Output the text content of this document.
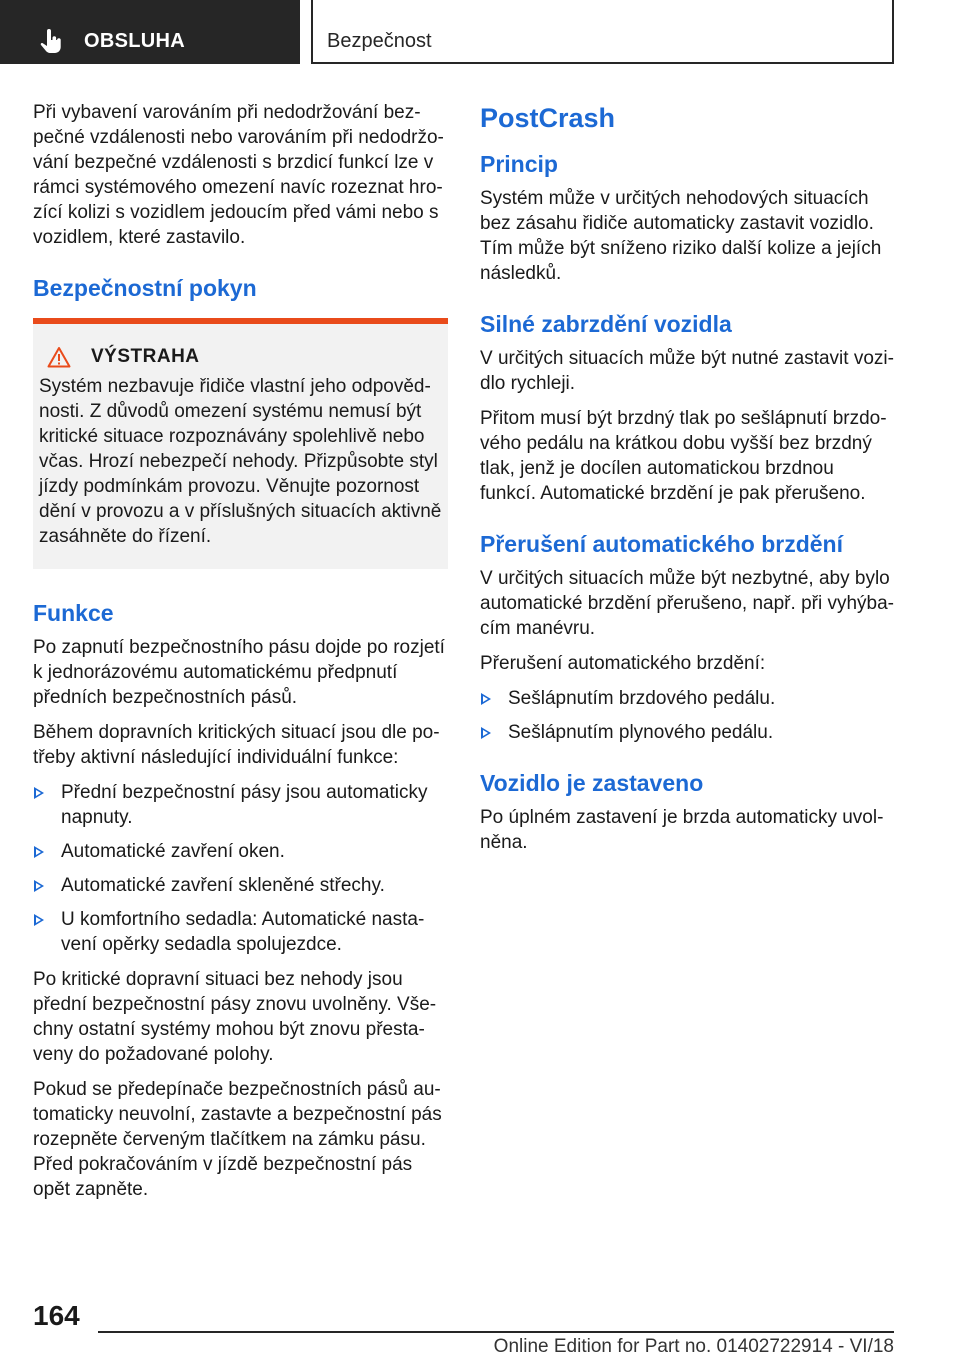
OBSLUHA	Bezpečnost

Při vybavení varováním při nedodržování bezpečné vzdálenosti nebo varováním při nedodržování bezpečné vzdálenosti s brzdicí funkcí lze v rámci systémového omezení navíc rozeznat hrozící kolizi s vozidlem jedoucím před vámi nebo s vozidlem, které zastavilo.

Bezpečnostní pokyn
VÝSTRAHA

Systém nezbavuje řidiče vlastní jeho odpovědnosti. Z důvodů omezení systému nemusí být kritické situace rozpoznávány spolehlivě nebo včas. Hrozí nebezpečí nehody. Přizpůsobte styl jízdy podmínkám provozu. Věnujte pozornost dění v provozu a v příslušných situacích aktivně zasáhněte do řízení.

Funkce

Po zapnutí bezpečnostního pásu dojde po rozjetí k jednorázovému automatickému předpnutí předních bezpečnostních pásů.

Během dopravních kritických situací jsou dle potřeby aktivní následující individuální funkce:

Přední bezpečnostní pásy jsou automaticky napnuty.
Automatické zavření oken.
Automatické zavření skleněné střechy.
U komfortního sedadla: Automatické nastavení opěrky sedadla spolujezdce.

Po kritické dopravní situaci bez nehody jsou přední bezpečnostní pásy znovu uvolněny. Všechny ostatní systémy mohou být znovu přestaveny do požadované polohy.

Pokud se předepínače bezpečnostních pásů automaticky neuvolní, zastavte a bezpečnostní pás rozepněte červeným tlačítkem na zámku pásu. Před pokračováním v jízdě bezpečnostní pás opět zapněte.

PostCrash
Princip

Systém může v určitých nehodových situacích bez zásahu řidiče automaticky zastavit vozidlo. Tím může být sníženo riziko další kolize a jejích následků.

Silné zabrzdění vozidla

V určitých situacích může být nutné zastavit vozidlo rychleji.

Přitom musí být brzdný tlak po sešlápnutí brzdového pedálu na krátkou dobu vyšší bez brzdný tlak, jenž je docílen automatickou brzdnou funkcí. Automatické brzdění je pak přerušeno.

Přerušení automatického brzdění

V určitých situacích může být nezbytné, aby bylo automatické brzdění přerušeno, např. při vyhýbacím manévru.

Přerušení automatického brzdění:

Sešlápnutím brzdového pedálu.
Sešlápnutím plynového pedálu.
Vozidlo je zastaveno

Po úplném zastavení je brzda automaticky uvolněna.

164
Online Edition for Part no. 01402722914 - VI/18
